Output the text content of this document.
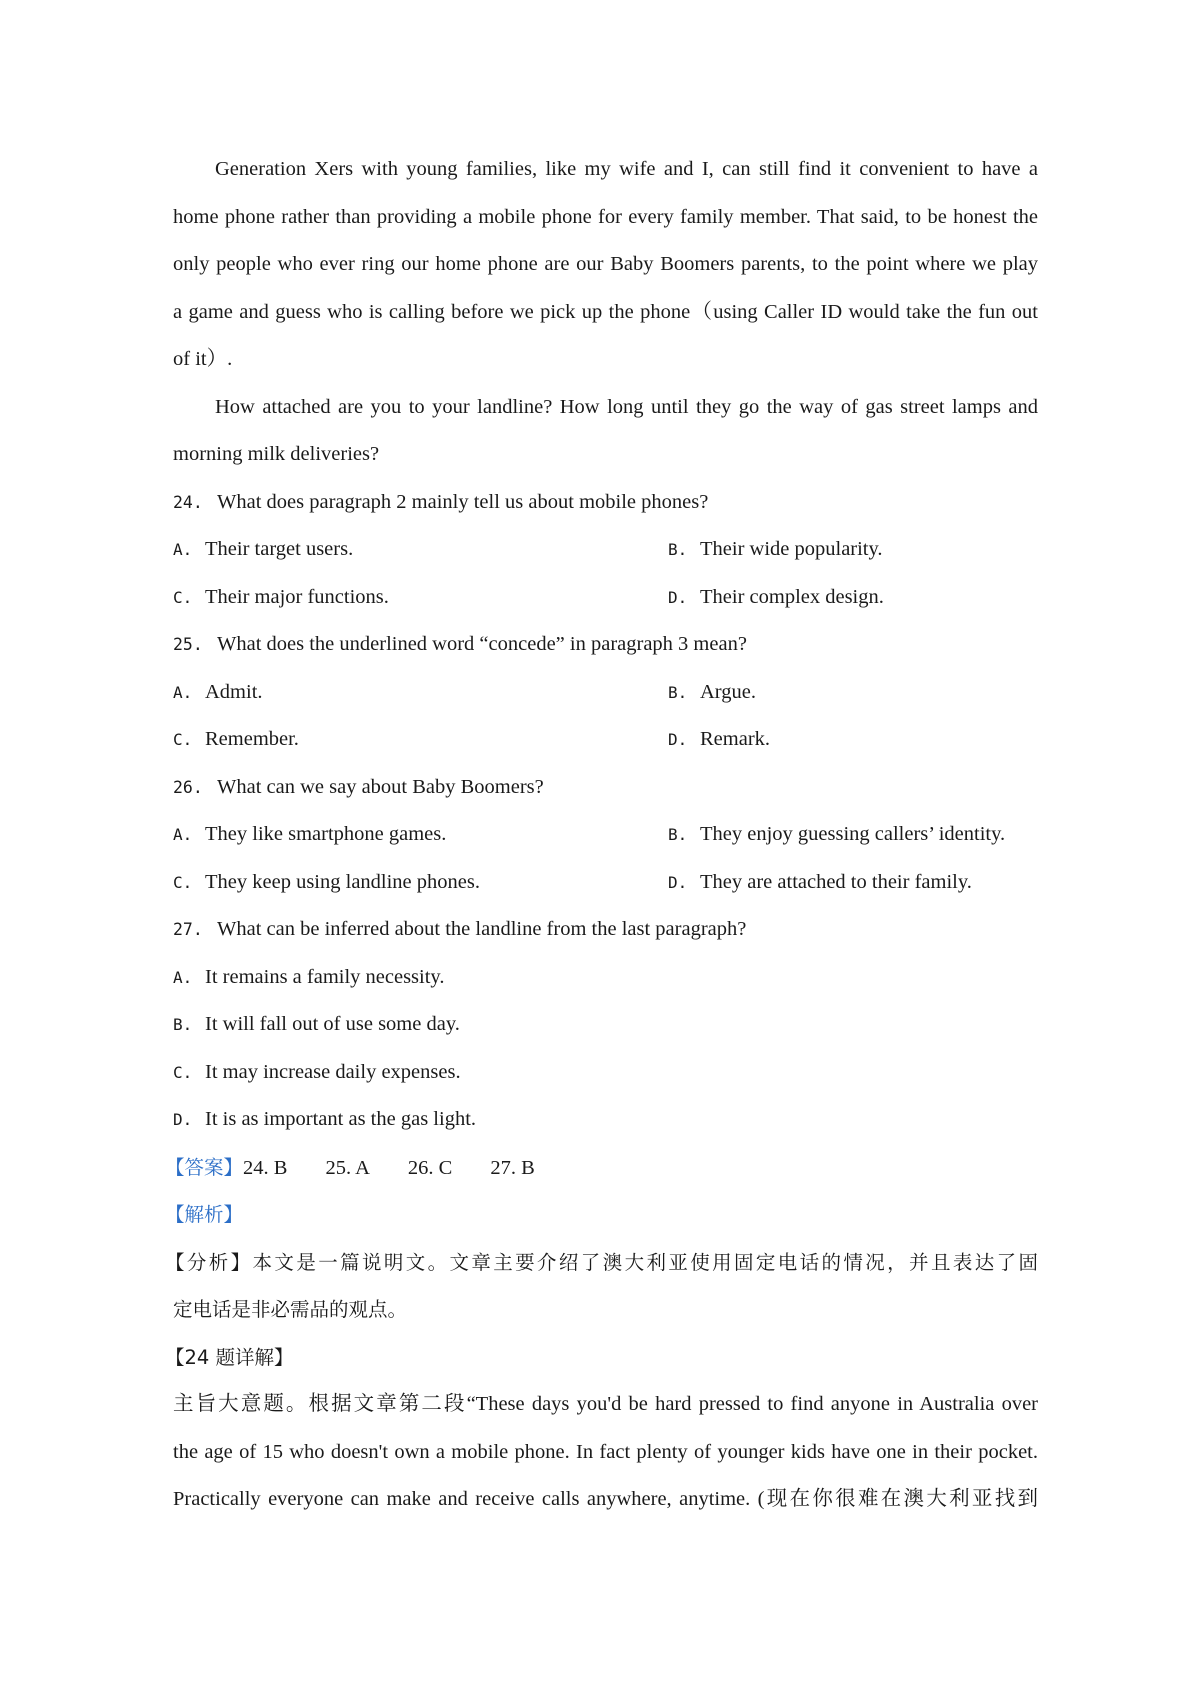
Generation Xers with young families, like my wife and I, can still find it convenient to have a

home phone rather than providing a mobile phone for every family member. That said, to be honest the

only people who ever ring our home phone are our Baby Boomers parents, to the point where we play

a game and guess who is calling before we pick up the phone（using Caller ID would take the fun out

of it）.

How attached are you to your landline? How long until they go the way of gas street lamps and

morning milk deliveries?

24. What does paragraph 2 mainly tell us about mobile phones?

A. Their target users.	B. Their wide popularity.
C. Their major functions.	D. Their complex design.

25. What does the underlined word “concede” in paragraph 3 mean?

A. Admit.	B. Argue.
C. Remember.	D. Remark.

26. What can we say about Baby Boomers?

A. They like smartphone games.	B. They enjoy guessing callers’ identity.
C. They keep using landline phones.	D. They are attached to their family.

27. What can be inferred about the landline from the last paragraph?

A. It remains a family necessity.

B. It will fall out of use some day.

C. It may increase daily expenses.

D. It is as important as the gas light.

【答案】24. B 25. A 26. C 27. B

【解析】

【分析】本文是一篇说明文。文章主要介绍了澳大利亚使用固定电话的情况，并且表达了固

定电话是非必需品的观点。

【24 题详解】

主旨大意题。根据文章第二段“These days you'd be hard pressed to find anyone in Australia over

the age of 15 who doesn't own a mobile phone. In fact plenty of younger kids have one in their pocket.

Practically everyone can make and receive calls anywhere, anytime. (现在你很难在澳大利亚找到
